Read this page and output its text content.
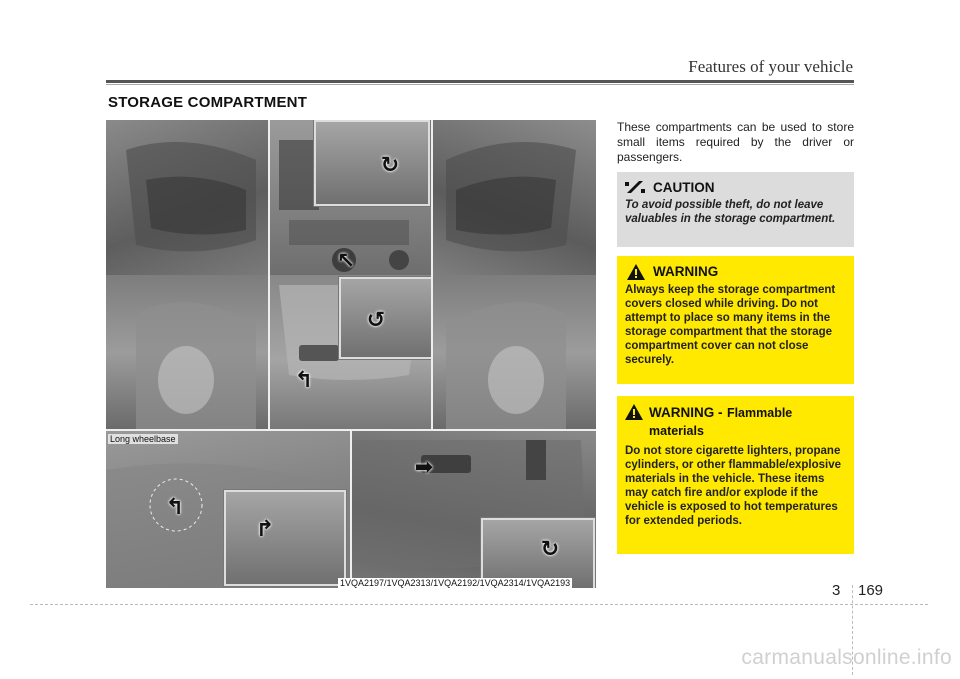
Features of your vehicle
STORAGE COMPARTMENT
↻
↖
↺
↰
↰
↱
➡
↻
Long wheelbase
1VQA2197/1VQA2313/1VQA2192/1VQA2314/1VQA2193
These compartments can be used to store small items required by the driver or passengers.
CAUTION
To avoid possible theft, do not leave valuables in the storage compartment.
WARNING
Always keep the storage compartment covers closed while driving. Do not attempt to place so many items in the storage compartment that the storage compartment cover can not close securely.
WARNING - Flammable materials
Do not store cigarette lighters, propane cylinders, or other flammable/explosive materials in the vehicle. These items may catch fire and/or explode if the vehicle is exposed to hot temperatures for extended periods.
3 169
carmanualsonline.info
